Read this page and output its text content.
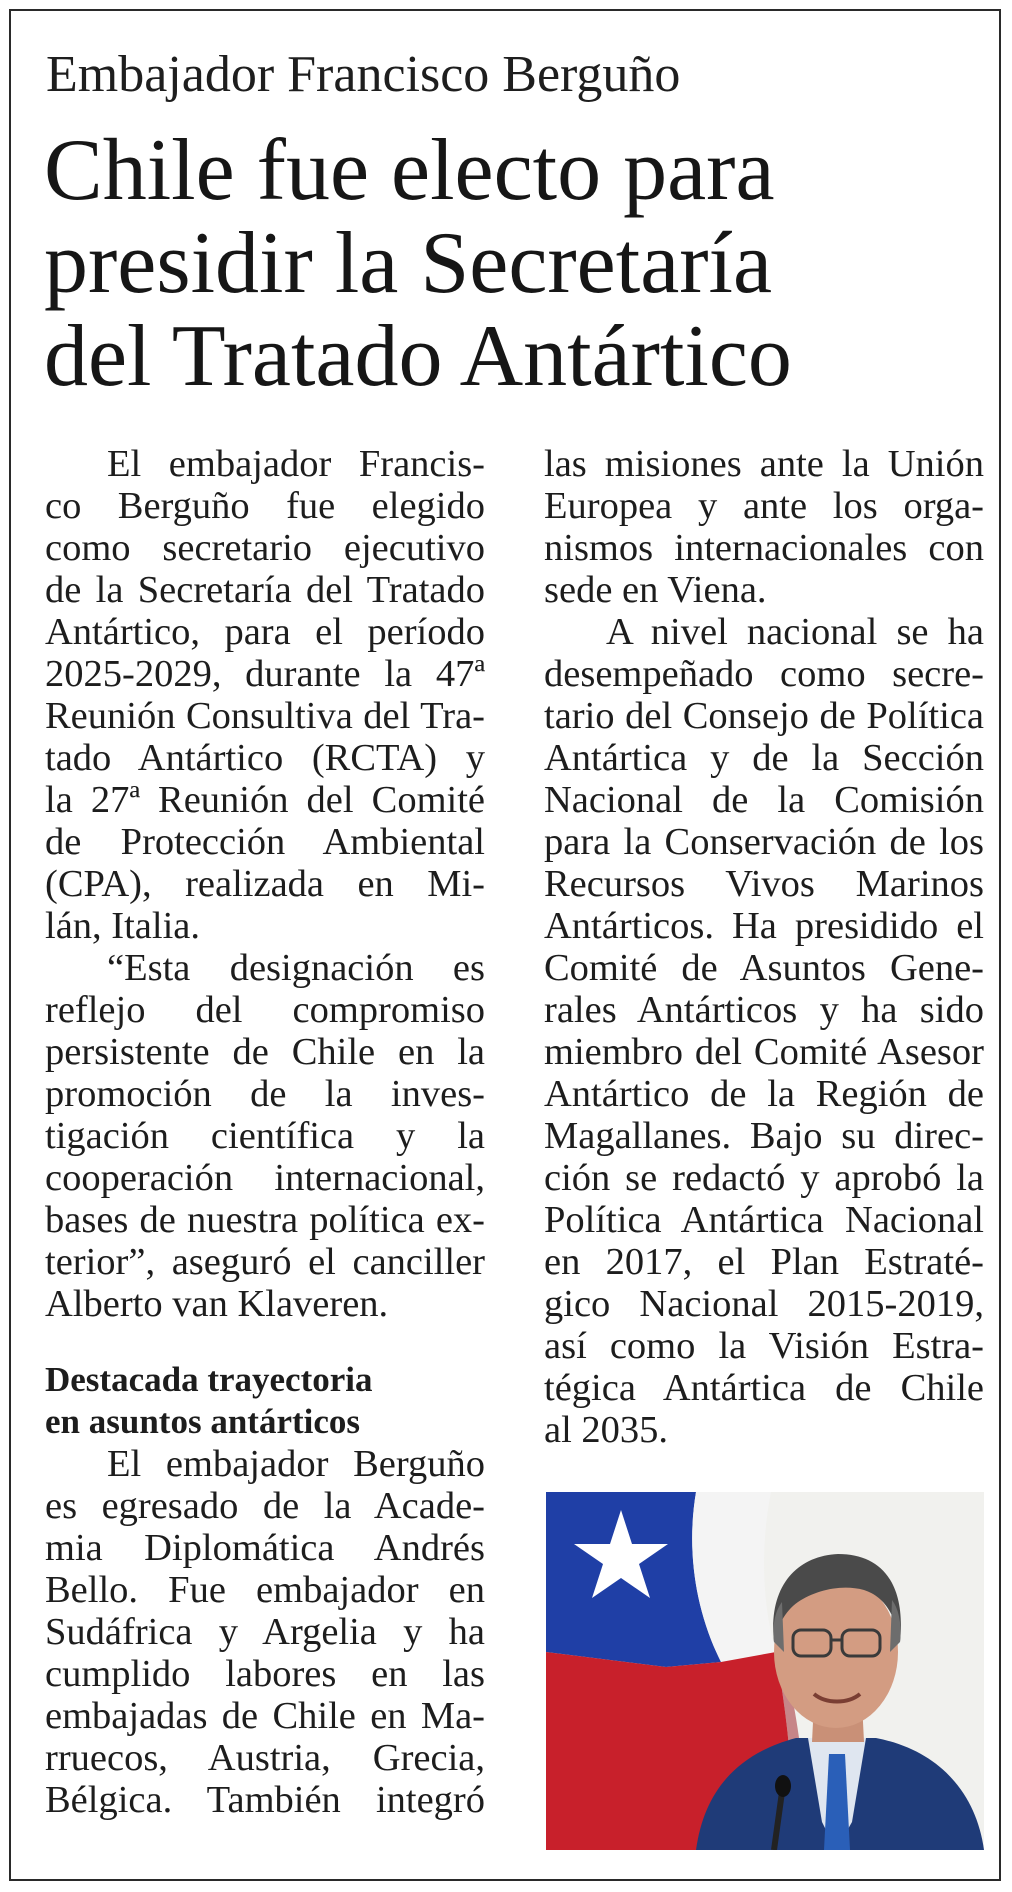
Embajador Francisco Berguño
Chile fue electo para
presidir la Secretaría
del Tratado Antártico
El embajador Francis-
co Berguño fue elegido
como secretario ejecutivo
de la Secretaría del Tratado
Antártico, para el período
2025-2029, durante la 47ª
Reunión Consultiva del Tra-
tado Antártico (RCTA) y
la 27ª Reunión del Comité
de Protección Ambiental
(CPA), realizada en Mi-
lán, Italia.
“Esta designación es
reflejo del compromiso
persistente de Chile en la
promoción de la inves-
tigación científica y la
cooperación internacional,
bases de nuestra política ex-
terior”, aseguró el canciller
Alberto van Klaveren.
Destacada trayectoria
en asuntos antárticos
El embajador Berguño
es egresado de la Acade-
mia Diplomática Andrés
Bello. Fue embajador en
Sudáfrica y Argelia y ha
cumplido labores en las
embajadas de Chile en Ma-
rruecos, Austria, Grecia,
Bélgica. También integró
las misiones ante la Unión
Europea y ante los orga-
nismos internacionales con
sede en Viena.
A nivel nacional se ha
desempeñado como secre-
tario del Consejo de Política
Antártica y de la Sección
Nacional de la Comisión
para la Conservación de los
Recursos Vivos Marinos
Antárticos. Ha presidido el
Comité de Asuntos Gene-
rales Antárticos y ha sido
miembro del Comité Asesor
Antártico de la Región de
Magallanes. Bajo su direc-
ción se redactó y aprobó la
Política Antártica Nacional
en 2017, el Plan Estraté-
gico Nacional 2015-2019,
así como la Visión Estra-
tégica Antártica de Chile
al 2035.
